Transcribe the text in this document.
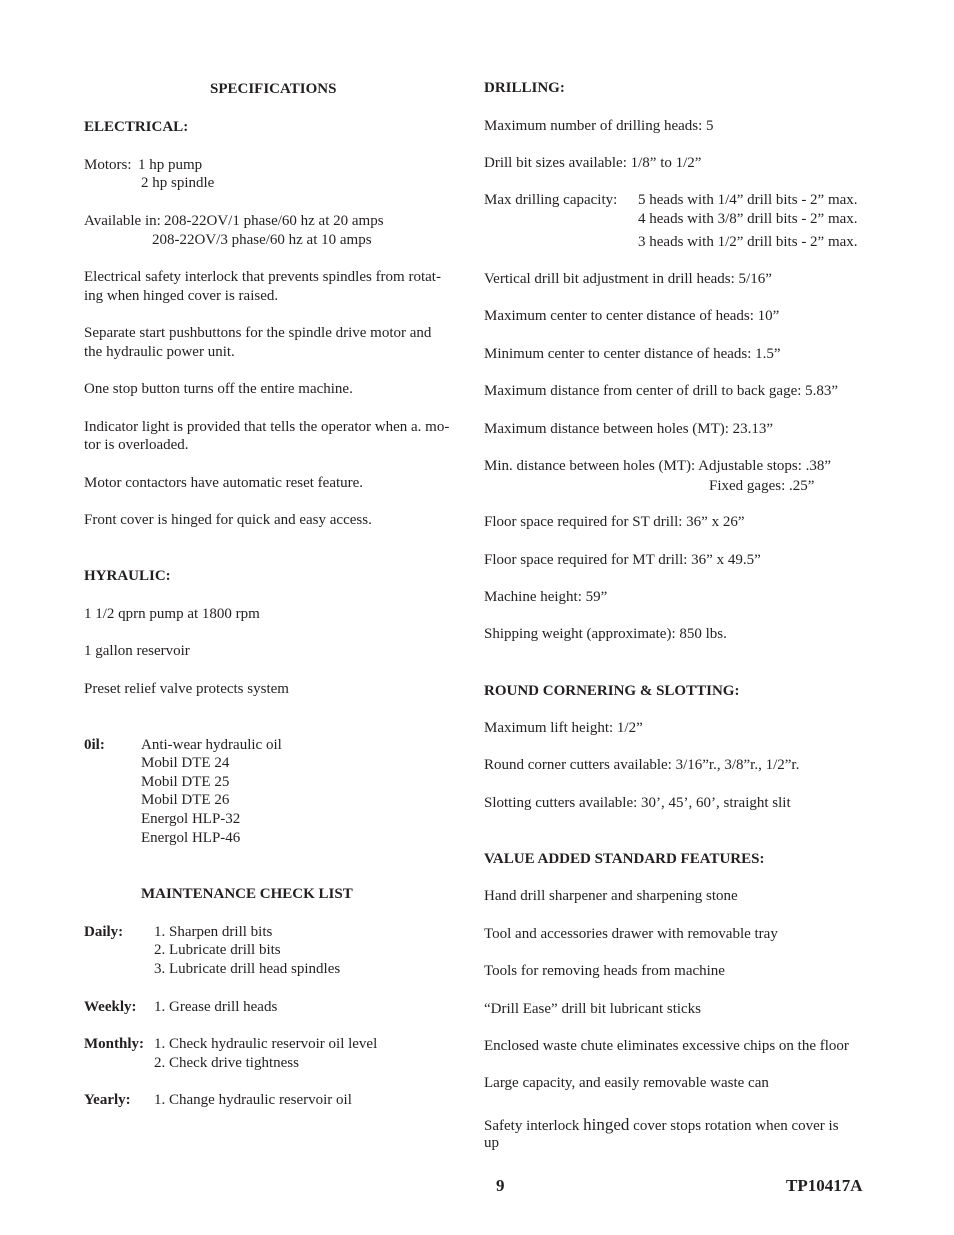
SPECIFICATIONS
ELECTRICAL:
Motors: 1 hp pump
2 hp spindle
Available in: 208-22OV/1 phase/60 hz at 20 amps
208-22OV/3 phase/60 hz at 10 amps
Electrical safety interlock that prevents spindles from rotat-
ing when hinged cover is raised.
Separate start pushbuttons for the spindle drive motor and
the hydraulic power unit.
One stop button turns off the entire machine.
Indicator light is provided that tells the operator when a. mo-
tor is overloaded.
Motor contactors have automatic reset feature.
Front cover is hinged for quick and easy access.
HYRAULIC:
1 1/2 qprn pump at 1800 rpm
1 gallon reservoir
Preset relief valve protects system
0il: Anti-wear hydraulic oil
Mobil DTE 24
Mobil DTE 25
Mobil DTE 26
Energol HLP-32
Energol HLP-46
MAINTENANCE CHECK LIST
Daily: 1. Sharpen drill bits
2. Lubricate drill bits
3. Lubricate drill head spindles
Weekly: 1. Grease drill heads
Monthly: 1. Check hydraulic reservoir oil level
2. Check drive tightness
Yearly: 1. Change hydraulic reservoir oil
DRILLING:
Maximum number of drilling heads: 5
Drill bit sizes available: 1/8” to 1/2”
Max drilling capacity: 5 heads with 1/4” drill bits - 2” max.
4 heads with 3/8” drill bits - 2” max.
3 heads with 1/2” drill bits - 2” max.
Vertical drill bit adjustment in drill heads: 5/16”
Maximum center to center distance of heads: 10”
Minimum center to center distance of heads: 1.5”
Maximum distance from center of drill to back gage: 5.83”
Maximum distance between holes (MT): 23.13”
Min. distance between holes (MT): Adjustable stops: .38”
Fixed gages: .25”
Floor space required for ST drill: 36” x 26”
Floor space required for MT drill: 36” x 49.5”
Machine height: 59”
Shipping weight (approximate): 850 lbs.
ROUND CORNERING & SLOTTING:
Maximum lift height: 1/2”
Round corner cutters available: 3/16”r., 3/8”r., 1/2”r.
Slotting cutters available: 30’, 45’, 60’, straight slit
VALUE ADDED STANDARD FEATURES:
Hand drill sharpener and sharpening stone
Tool and accessories drawer with removable tray
Tools for removing heads from machine
“Drill Ease” drill bit lubricant sticks
Enclosed waste chute eliminates excessive chips on the floor
Large capacity, and easily removable waste can
Safety interlock hinged cover stops rotation when cover is
up
9	TP10417A
